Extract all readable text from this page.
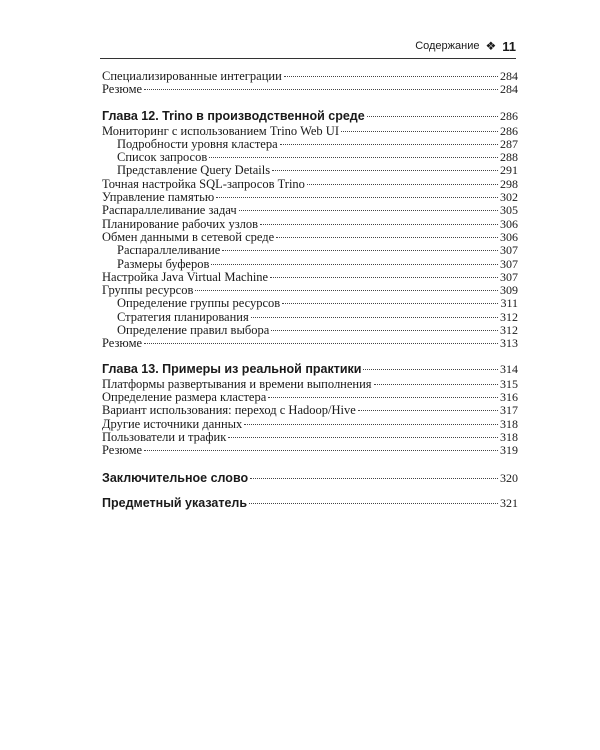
Содержание ❖ 11
Специализированные интеграции	284
Резюме	284
Глава 12. Trino в производственной среде	286
Мониторинг с использованием Trino Web UI	286
Подробности уровня кластера	287
Список запросов	288
Представление Query Details	291
Точная настройка SQL-запросов Trino	298
Управление памятью	302
Распараллеливание задач	305
Планирование рабочих узлов	306
Обмен данными в сетевой среде	306
Распараллеливание	307
Размеры буферов	307
Настройка Java Virtual Machine	307
Группы ресурсов	309
Определение группы ресурсов	311
Стратегия планирования	312
Определение правил выбора	312
Резюме	313
Глава 13. Примеры из реальной практики	314
Платформы развертывания и времени выполнения	315
Определение размера кластера	316
Вариант использования: переход с Hadoop/Hive	317
Другие источники данных	318
Пользователи и трафик	318
Резюме	319
Заключительное слово	320
Предметный указатель	321
